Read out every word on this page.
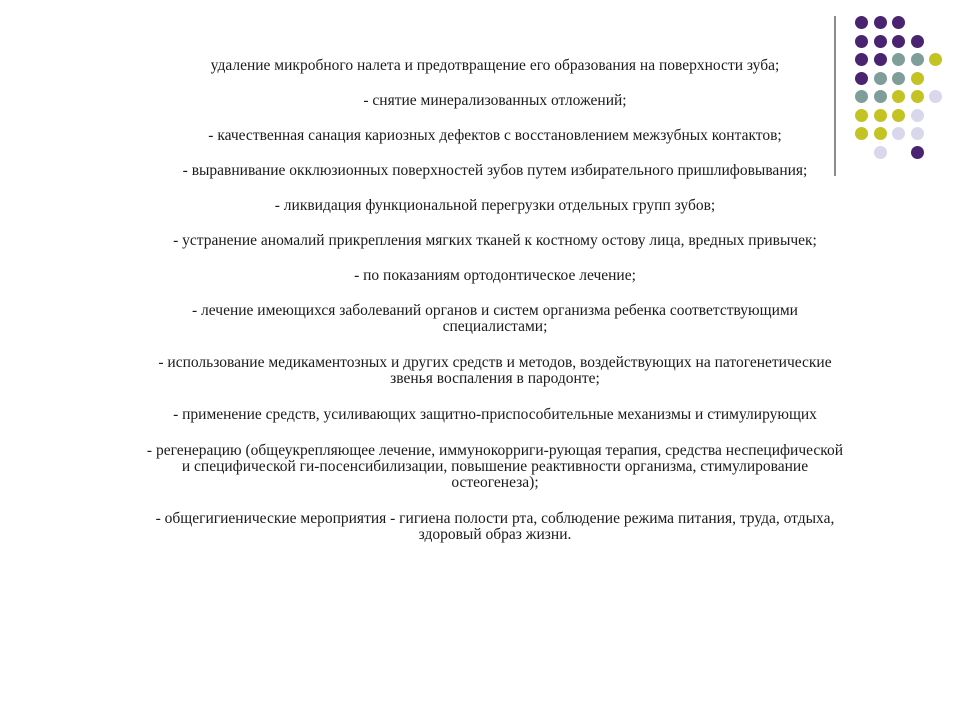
удаление микробного налета и предотвращение его образования на поверхности зуба;

- снятие минерализованных отложений;

- качественная санация кариозных дефектов с восстановлением межзубных контактов;

- выравнивание окклюзионных поверхностей зубов путем избирательного пришлифовывания;

- ликвидация функциональной перегрузки отдельных групп зубов;

- устранение аномалий прикрепления мягких тканей к костному остову лица, вредных привычек;

- по показаниям ортодонтическое лечение;

- лечение имеющихся заболеваний органов и систем организма ребенка соответствующими

специалистами;

- использование медикаментозных и других средств и методов, воздействующих на патогенетические

звенья воспаления в пародонте;

- применение средств, усиливающих защитно-приспособительные механизмы и стимулирующих

- регенерацию (общеукрепляющее лечение, иммунокорриги-рующая терапия, средства неспецифической

и специфической ги-посенсибилизации, повышение реактивности организма, стимулирование

остеогенеза);

- общегигиенические мероприятия - гигиена полости рта, соблюдение режима питания, труда, отдыха,

здоровый образ жизни.
